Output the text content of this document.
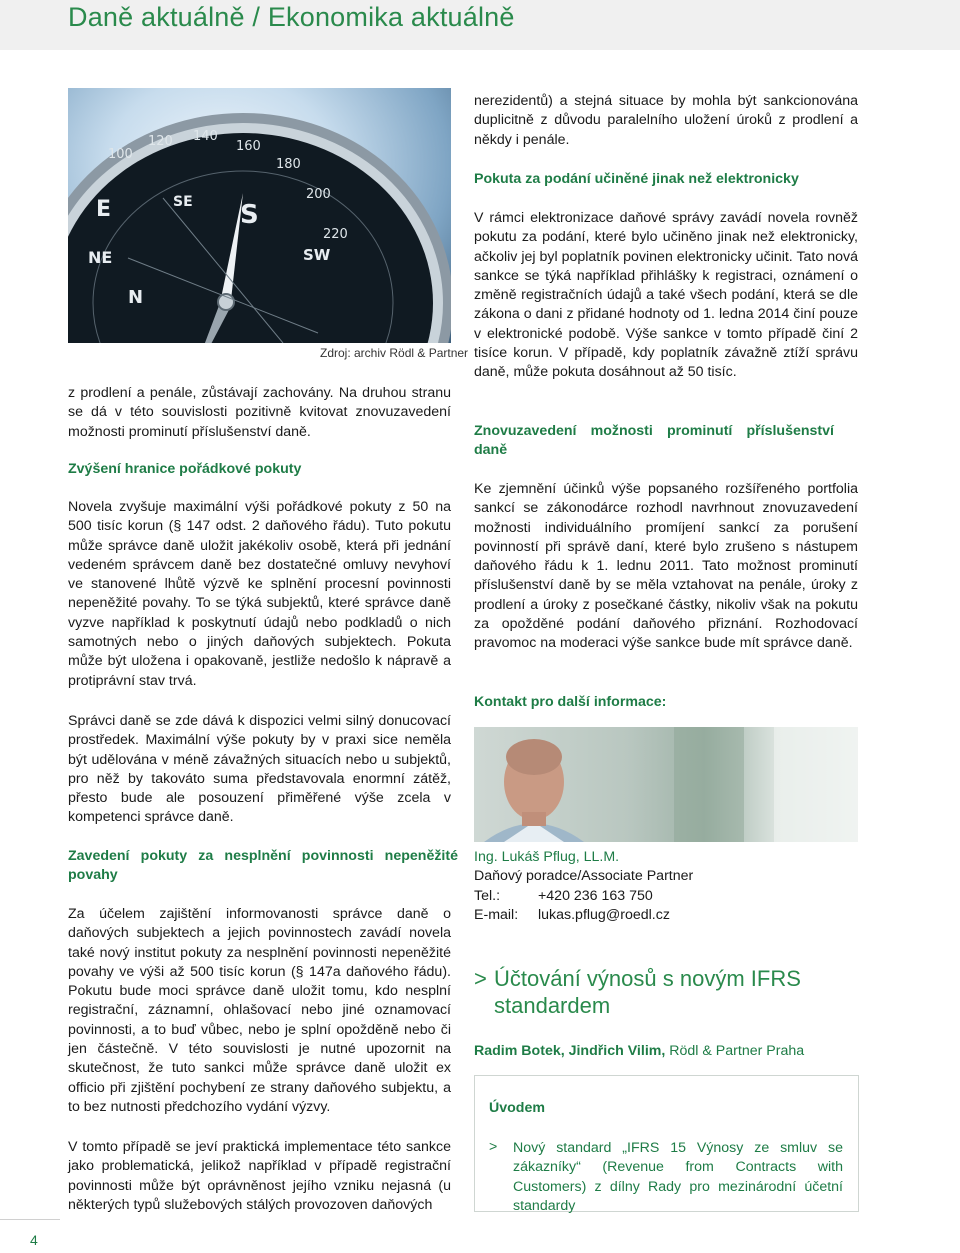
Daně aktuálně / Ekonomika aktuálně
E	SE S
SW
NE
N
100
120 140
160
180
200
220
Zdroj: archiv Rödl & Partner

z prodlení a penále, zůstávají zachovány. Na druhou stranu se dá v této souvislosti pozitivně kvitovat znovuzavedení možnosti prominutí příslušenství daně.

Zvýšení hranice pořádkové pokuty

Novela zvyšuje maximální výši pořádkové pokuty z 50 na 500 tisíc korun (§ 147 odst. 2 daňového řádu). Tuto pokutu může správce daně uložit jakékoliv osobě, která při jednání vedeném správcem daně bez dostatečné omluvy nevyhoví ve stanovené lhůtě výzvě ke splnění procesní povinnosti nepeněžité povahy. To se týká subjektů, které správce daně vyzve například k poskytnutí údajů nebo podkladů o nich samotných nebo o jiných daňových subjektech. Pokuta může být uložena i opakovaně, jestliže nedošlo k nápravě a protiprávní stav trvá.

Správci daně se zde dává k dispozici velmi silný donucovací prostředek. Maximální výše pokuty by v praxi sice neměla být udělována v méně závažných situacích nebo u subjektů, pro něž by takováto suma představovala enormní zátěž, přesto bude ale posouzení přiměřené výše zcela v kompetenci správce daně.

Zavedení pokuty za nesplnění povinnosti nepeněžité povahy

Za účelem zajištění informovanosti správce daně o daňových subjektech a jejich povinnostech zavádí novela také nový institut pokuty za nesplnění povinnosti nepeněžité povahy ve výši až 500 tisíc korun (§ 147a daňového řádu). Pokutu bude moci správce daně uložit tomu, kdo nesplní registrační, záznamní, ohlašovací nebo jiné oznamovací povinnosti, a to buď vůbec, nebo je splní opožděně nebo či jen částečně. V této souvislosti je nutné upozornit na skutečnost, že tuto sankci může správce daně uložit ex officio při zjištění pochybení ze strany daňového subjektu, a to bez nutnosti předchozího vydání výzvy.

V tomto případě se jeví praktická implementace této sankce jako problematická, jelikož například v případě registrační povinnosti může být oprávněnost jejího vzniku nejasná (u některých typů služebových stálých provozoven daňových

nerezidentů) a stejná situace by mohla být sankcionována duplicitně z důvodu paralelního uložení úroků z prodlení a někdy i penále.

Pokuta za podání učiněné jinak než elektronicky

V rámci elektronizace daňové správy zavádí novela rovněž pokutu za podání, které bylo učiněno jinak než elektronicky, ačkoliv jej byl poplatník povinen elektronicky učinit. Tato nová sankce se týká například přihlášky k registraci, oznámení o změně registračních údajů a také všech podání, která se dle zákona o dani z přidané hodnoty od 1. ledna 2014 činí pouze v elektronické podobě. Výše sankce v tomto případě činí 2 tisíce korun. V případě, kdy poplatník závažně ztíží správu daně, může pokuta dosáhnout až 50 tisíc.

Znovuzavedení možnosti prominutí příslušenství daně

Ke zjemnění účinků výše popsaného rozšířeného portfolia sankcí se zákonodárce rozhodl navrhnout znovuzavedení možnosti individuálního promíjení sankcí za porušení povinností při správě daní, které bylo zrušeno s nástupem daňového řádu k 1. lednu 2011. Tato možnost prominutí příslušenství daně by se měla vztahovat na penále, úroky z prodlení a úroky z posečkané částky, nikoliv však na pokutu za opožděné podání daňového přiznání. Rozhodovací pravomoc na moderaci výše sankce bude mít správce daně.

Kontakt pro další informace:

Ing. Lukáš Pflug, LL.M.
Daňový poradce/Associate Partner
Tel.:	+420 236 163 750
E-mail: lukas.pflug@roedl.cz
> Účtování výnosů s novým IFRS standardem
Radim Botek, Jindřich Vilim, Rödl & Partner Praha
Úvodem
> Nový standard „IFRS 15 Výnosy ze smluv se zákazníky“ (Revenue from Contracts with Customers) z dílny Rady pro mezinárodní účetní standardy
4
